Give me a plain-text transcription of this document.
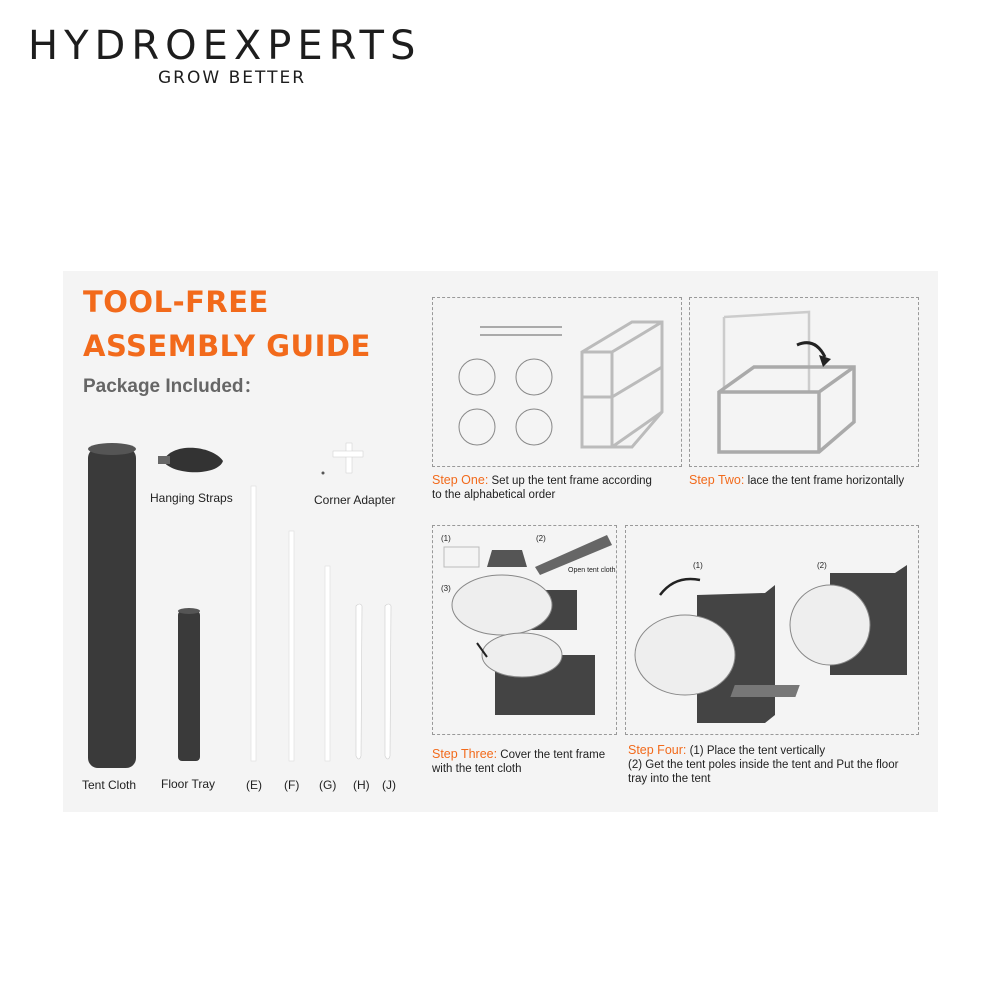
HYDROEXPERTS
GROW BETTER
TOOL-FREE
ASSEMBLY GUIDE
Package Included：
Hanging Straps	Corner Adapter
Tent Cloth Floor Tray	(E) (F) (G) (H) (J)
Step One: Set up the tent frame according
to the alphabetical order
Step Two: lace the tent frame horizontally
(1)	(2)
(3)
Open tent cloth
Step Three: Cover the tent frame
with the tent cloth
(1)	(2)
Step Four: (1) Place the tent vertically
(2) Get the tent poles inside the tent and Put the floor
tray into the tent
